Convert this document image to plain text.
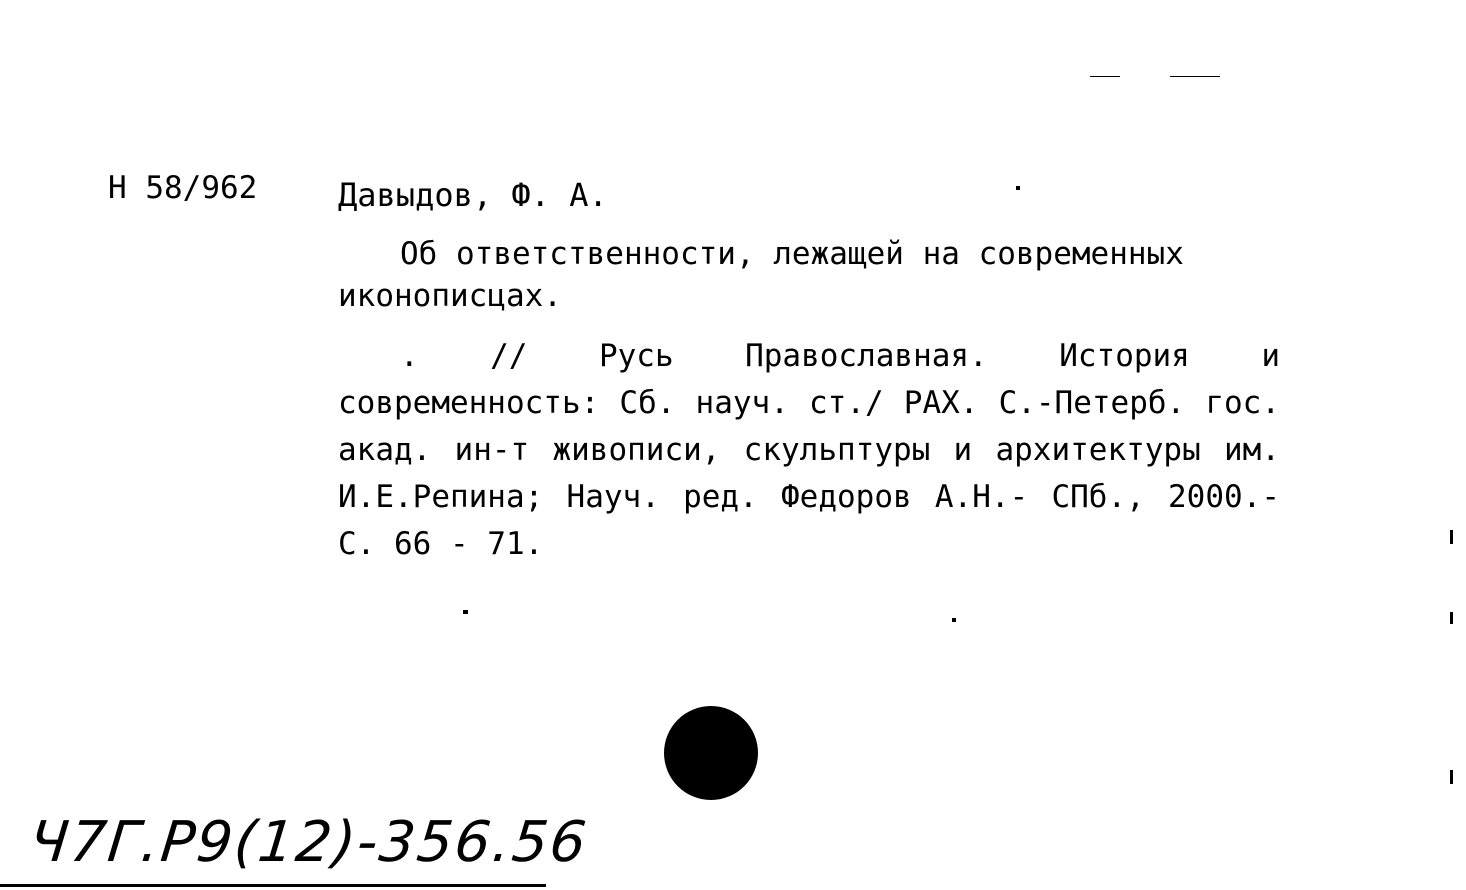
Н 58/962	Давыдов, Ф. А.

Об ответственности, лежащей на современных иконописцах.

. // Русь Православная. История и современность: Сб. науч. ст./ РАХ. С.-Петерб. гос. акад. ин-т живописи, скульптуры и архитектуры им. И.Е.Репина; Науч. ред. Федоров А.Н.- СПб., 2000.-С. 66 - 71.

Ч7Г.Р9(12)-356.56
